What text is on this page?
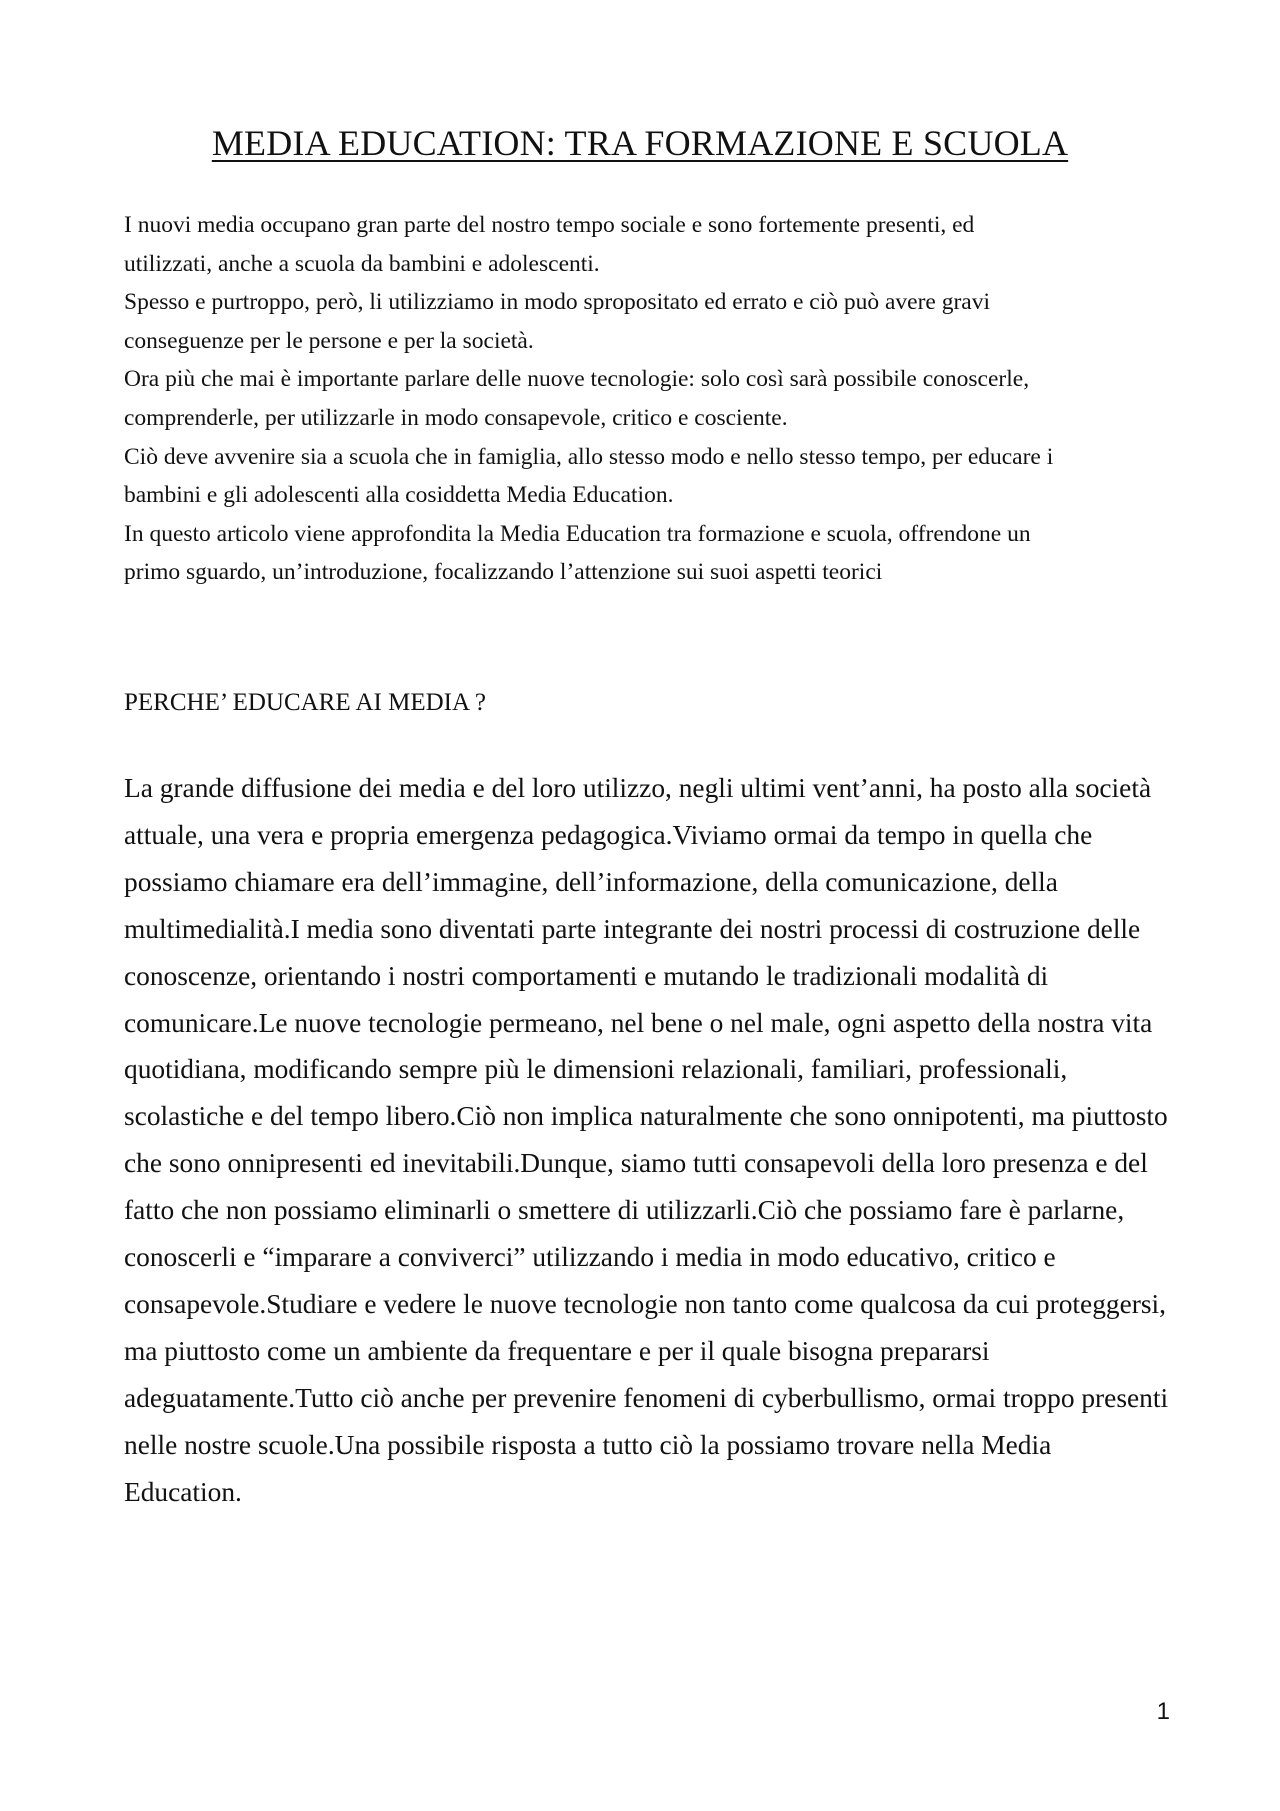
MEDIA EDUCATION: TRA FORMAZIONE E SCUOLA

I nuovi media occupano gran parte del nostro tempo sociale e sono fortemente presenti, ed

utilizzati, anche a scuola da bambini e adolescenti.

Spesso e purtroppo, però, li utilizziamo in modo spropositato ed errato e ciò può avere gravi

conseguenze per le persone e per la società.

Ora più che mai è importante parlare delle nuove tecnologie: solo così sarà possibile conoscerle,

comprenderle, per utilizzarle in modo consapevole, critico e cosciente.

Ciò deve avvenire sia a scuola che in famiglia, allo stesso modo e nello stesso tempo, per educare i

bambini e gli adolescenti alla cosiddetta Media Education.

In questo articolo viene approfondita la Media Education tra formazione e scuola, offrendone un

primo sguardo, un’introduzione, focalizzando l’attenzione sui suoi aspetti teorici

PERCHE’ EDUCARE AI MEDIA ?

La grande diffusione dei media e del loro utilizzo, negli ultimi vent’anni, ha posto alla società attuale, una vera e propria emergenza pedagogica.Viviamo ormai da tempo in quella che possiamo chiamare era dell’immagine, dell’informazione, della comunicazione, della multimedialità.I media sono diventati parte integrante dei nostri processi di costruzione delle conoscenze, orientando i nostri comportamenti e mutando le tradizionali modalità di comunicare.Le nuove tecnologie permeano, nel bene o nel male, ogni aspetto della nostra vita quotidiana, modificando sempre più le dimensioni relazionali, familiari, professionali, scolastiche e del tempo libero.Ciò non implica naturalmente che sono onnipotenti, ma piuttosto che sono onnipresenti ed inevitabili.Dunque, siamo tutti consapevoli della loro presenza e del fatto che non possiamo eliminarli o smettere di utilizzarli.Ciò che possiamo fare è parlarne, conoscerli e “imparare a conviverci” utilizzando i media in modo educativo, critico e consapevole.Studiare e vedere le nuove tecnologie non tanto come qualcosa da cui proteggersi, ma piuttosto come un ambiente da frequentare e per il quale bisogna prepararsi adeguatamente.Tutto ciò anche per prevenire fenomeni di cyberbullismo, ormai troppo presenti nelle nostre scuole.Una possibile risposta a tutto ciò la possiamo trovare nella Media Education.

1
